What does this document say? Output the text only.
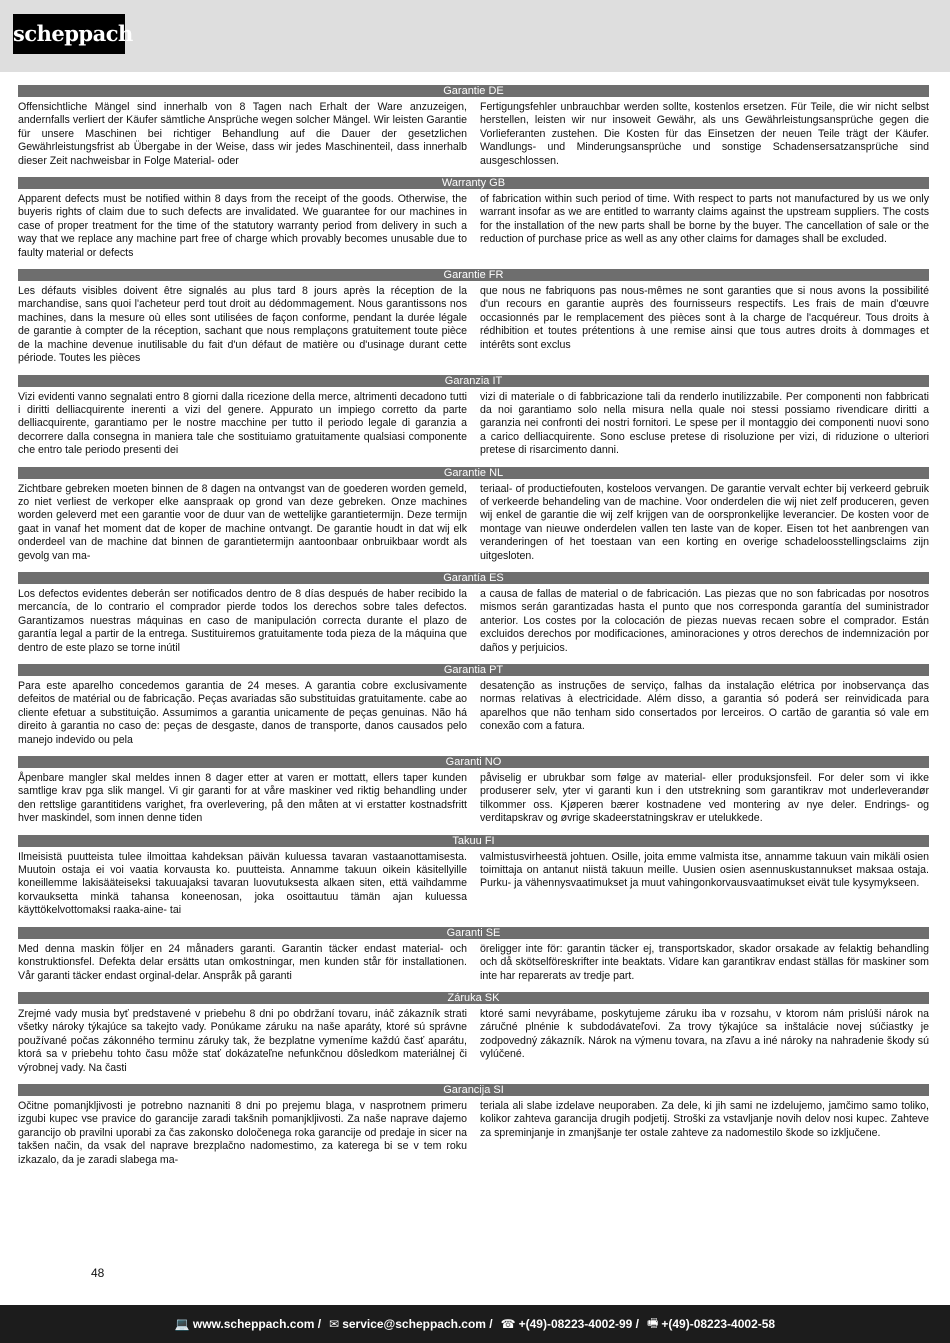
scheppach
Garantie DE

Offensichtliche Mängel sind innerhalb von 8 Tagen nach Erhalt der Ware anzuzeigen, andernfalls verliert der Käufer sämtliche Ansprüche wegen solcher Mängel. Wir leisten Garantie für unsere Maschinen bei richtiger Behandlung auf die Dauer der gesetzlichen Gewährleistungsfrist ab Übergabe in der Weise, dass wir jedes Maschinenteil, dass innerhalb dieser Zeit nachweisbar in Folge Material- oder

Fertigungsfehler unbrauchbar werden sollte, kostenlos ersetzen. Für Teile, die wir nicht selbst herstellen, leisten wir nur insoweit Gewähr, als uns Gewährleistungsansprüche gegen die Vorlieferanten zustehen. Die Kosten für das Einsetzen der neuen Teile trägt der Käufer. Wandlungs- und Minderungsansprüche und sonstige Schadensersatzansprüche sind ausgeschlossen.

Warranty GB

Apparent defects must be notified within 8 days from the receipt of the goods. Otherwise, the buyeris rights of claim due to such defects are invalidated. We guarantee for our machines in case of proper treatment for the time of the statutory warranty period from delivery in such a way that we replace any machine part free of charge which provably becomes unusable due to faulty material or defects

of fabrication within such period of time. With respect to parts not manufactured by us we only warrant insofar as we are entitled to warranty claims against the upstream suppliers. The costs for the installation of the new parts shall be borne by the buyer. The cancellation of sale or the reduction of purchase price as well as any other claims for damages shall be excluded.

Garantie FR

Les défauts visibles doivent être signalés au plus tard 8 jours après la réception de la marchandise, sans quoi l'acheteur perd tout droit au dédommagement. Nous garantissons nos machines, dans la mesure où elles sont utilisées de façon conforme, pendant la durée légale de garantie à compter de la réception, sachant que nous remplaçons gratuitement toute pièce de la machine devenue inutilisable du fait d'un défaut de matière ou d'usinage durant cette période. Toutes les pièces

que nous ne fabriquons pas nous-mêmes ne sont garanties que si nous avons la possibilité d'un recours en garantie auprès des fournisseurs respectifs. Les frais de main d'œuvre occasionnés par le remplacement des pièces sont à la charge de l'acquéreur. Tous droits à rédhibition et toutes prétentions à une remise ainsi que tous autres droits à dommages et intérêts sont exclus

Garanzia IT

Vizi evidenti vanno segnalati entro 8 giorni dalla ricezione della merce, altrimenti decadono tutti i diritti delliacquirente inerenti a vizi del genere. Appurato un impiego corretto da parte delliacquirente, garantiamo per le nostre macchine per tutto il periodo legale di garanzia a decorrere dalla consegna in maniera tale che sostituiamo gratuitamente qualsiasi componente che entro tale periodo presenti dei

vizi di materiale o di fabbricazione tali da renderlo inutilizzabile. Per componenti non fabbricati da noi garantiamo solo nella misura nella quale noi stessi possiamo rivendicare diritti a garanzia nei confronti dei nostri fornitori. Le spese per il montaggio dei componenti nuovi sono a carico delliacquirente. Sono escluse pretese di risoluzione per vizi, di riduzione o ulteriori pretese di risarcimento danni.

Garantie NL

Zichtbare gebreken moeten binnen de 8 dagen na ontvangst van de goederen worden gemeld, zo niet verliest de verkoper elke aanspraak op grond van deze gebreken. Onze machines worden geleverd met een garantie voor de duur van de wettelijke garantietermijn. Deze termijn gaat in vanaf het moment dat de koper de machine ontvangt. De garantie houdt in dat wij elk onderdeel van de machine dat binnen de garantietermijn aantoonbaar onbruikbaar wordt als gevolg van ma-

teriaal- of productiefouten, kosteloos vervangen. De garantie vervalt echter bij verkeerd gebruik of verkeerde behandeling van de machine. Voor onderdelen die wij niet zelf produceren, geven wij enkel de garantie die wij zelf krijgen van de oorspronkelijke leverancier. De kosten voor de montage van nieuwe onderdelen vallen ten laste van de koper. Eisen tot het aanbrengen van veranderingen of het toestaan van een korting en overige schadeloosstellingsclaims zijn uitgesloten.

Garantía ES

Los defectos evidentes deberán ser notificados dentro de 8 días después de haber recibido la mercancía, de lo contrario el comprador pierde todos los derechos sobre tales defectos. Garantizamos nuestras máquinas en caso de manipulación correcta durante el plazo de garantía legal a partir de la entrega. Sustituiremos gratuitamente toda pieza de la máquina que dentro de este plazo se torne inútil

a causa de fallas de material o de fabricación. Las piezas que no son fabricadas por nosotros mismos serán garantizadas hasta el punto que nos corresponda garantía del suministrador anterior. Los costes por la colocación de piezas nuevas recaen sobre el comprador. Están excluidos derechos por modificaciones, aminoraciones y otros derechos de indemnización por daños y perjuicios.

Garantia PT

Para este aparelho concedemos garantia de 24 meses. A garantia cobre exclusivamente defeitos de matérial ou de fabricação. Peças avariadas são substituidas gratuitamente. cabe ao cliente efetuar a substituição. Assumimos a garantia unicamente de peças genuinas. Não há direito à garantia no caso de: peças de desgaste, danos de transporte, danos causados pelo manejo indevido ou pela

desatenção as instruções de serviço, falhas da instalação elétrica por inobservança das normas relativas à electricidade. Além disso, a garantia só poderá ser reinvidicada para aparelhos que não tenham sido consertados por lerceiros. O cartão de garantia só vale em conexão com a fatura.

Garanti NO

Åpenbare mangler skal meldes innen 8 dager etter at varen er mottatt, ellers taper kunden samtlige krav pga slik mangel. Vi gir garanti for at våre maskiner ved riktig behandling under den rettslige garantitidens varighet, fra overlevering, på den måten at vi erstatter kostnadsfritt hver maskindel, som innen denne tiden

påviselig er ubrukbar som følge av material- eller produksjonsfeil. For deler som vi ikke produserer selv, yter vi garanti kun i den utstrekning som garantikrav mot underleverandør tilkommer oss. Kjøperen bærer kostnadene ved montering av nye deler. Endrings- og verditapskrav og øvrige skadeerstatningskrav er utelukkede.

Takuu FI

Ilmeisistä puutteista tulee ilmoittaa kahdeksan päivän kuluessa tavaran vastaanottamisesta. Muutoin ostaja ei voi vaatia korvausta ko. puutteista. Annamme takuun oikein käsitellyille koneillemme lakisääteiseksi takuuajaksi tavaran luovutuksesta alkaen siten, että vaihdamme korvauksetta minkä tahansa koneenosan, joka osoittautuu tämän ajan kuluessa käyttökelvottomaksi raaka-aine- tai

valmistusvirheestä johtuen. Osille, joita emme valmista itse, annamme takuun vain mikäli osien toimittaja on antanut niistä takuun meille. Uusien osien asennuskustannukset maksaa ostaja. Purku- ja vähennysvaatimukset ja muut vahingonkorvausvaatimukset eivät tule kysymykseen.

Garanti SE

Med denna maskin följer en 24 månaders garanti. Garantin täcker endast material- och konstruktionsfel. Defekta delar ersätts utan omkostningar, men kunden står för installationen. Vår garanti täcker endast orginal-delar. Anspråk på garanti

öreligger inte för: garantin täcker ej, transportskador, skador orsakade av felaktig behandling och då skötselföreskrifter inte beaktats. Vidare kan garantikrav endast ställas för maskiner som inte har reparerats av tredje part.

Záruka SK

Zrejmé vady musia byť predstavené v priebehu 8 dni po obdržaní tovaru, ináč zákazník strati všetky nároky týkajúce sa takejto vady. Ponúkame záruku na naše aparáty, ktoré sú správne používané počas zákonného terminu záruky tak, že bezplatne vymeníme každú časť aparátu, ktorá sa v priebehu tohto času môže stať dokázateľne nefunkčnou dôsledkom materiálnej či výrobnej vady. Na časti

ktoré sami nevyrábame, poskytujeme záruku iba v rozsahu, v ktorom nám prislúši nárok na záručné plnénie k subdodávateľovi. Za trovy týkajúce sa inštalácie novej súčiastky je zodpovedný zákazník. Nárok na výmenu tovara, na zľavu a iné nároky na nahradenie škody sú vylúčené.

Garancija SI

Očitne pomanjkljivosti je potrebno naznaniti 8 dni po prejemu blaga, v nasprotnem primeru izgubi kupec vse pravice do garancije zaradi takšnih pomanjkljivosti. Za naše naprave dajemo garancijo ob pravilni uporabi za čas zakonsko določenega roka garancije od predaje in sicer na takšen način, da vsak del naprave brezplačno nadomestimo, za katerega bi se v tem roku izkazalo, da je zaradi slabega ma-

teriala ali slabe izdelave neuporaben. Za dele, ki jih sami ne izdelujemo, jamčimo samo toliko, kolikor zahteva garancija drugih podjetij. Stroški za vstavljanje novih delov nosi kupec. Zahteve za spreminjanje in zmanjšanje ter ostale zahteve za nadomestilo škode so izključene.

48
💻 www.scheppach.com / ✉ service@scheppach.com / ☎ +(49)-08223-4002-99 / 🖷 +(49)-08223-4002-58
